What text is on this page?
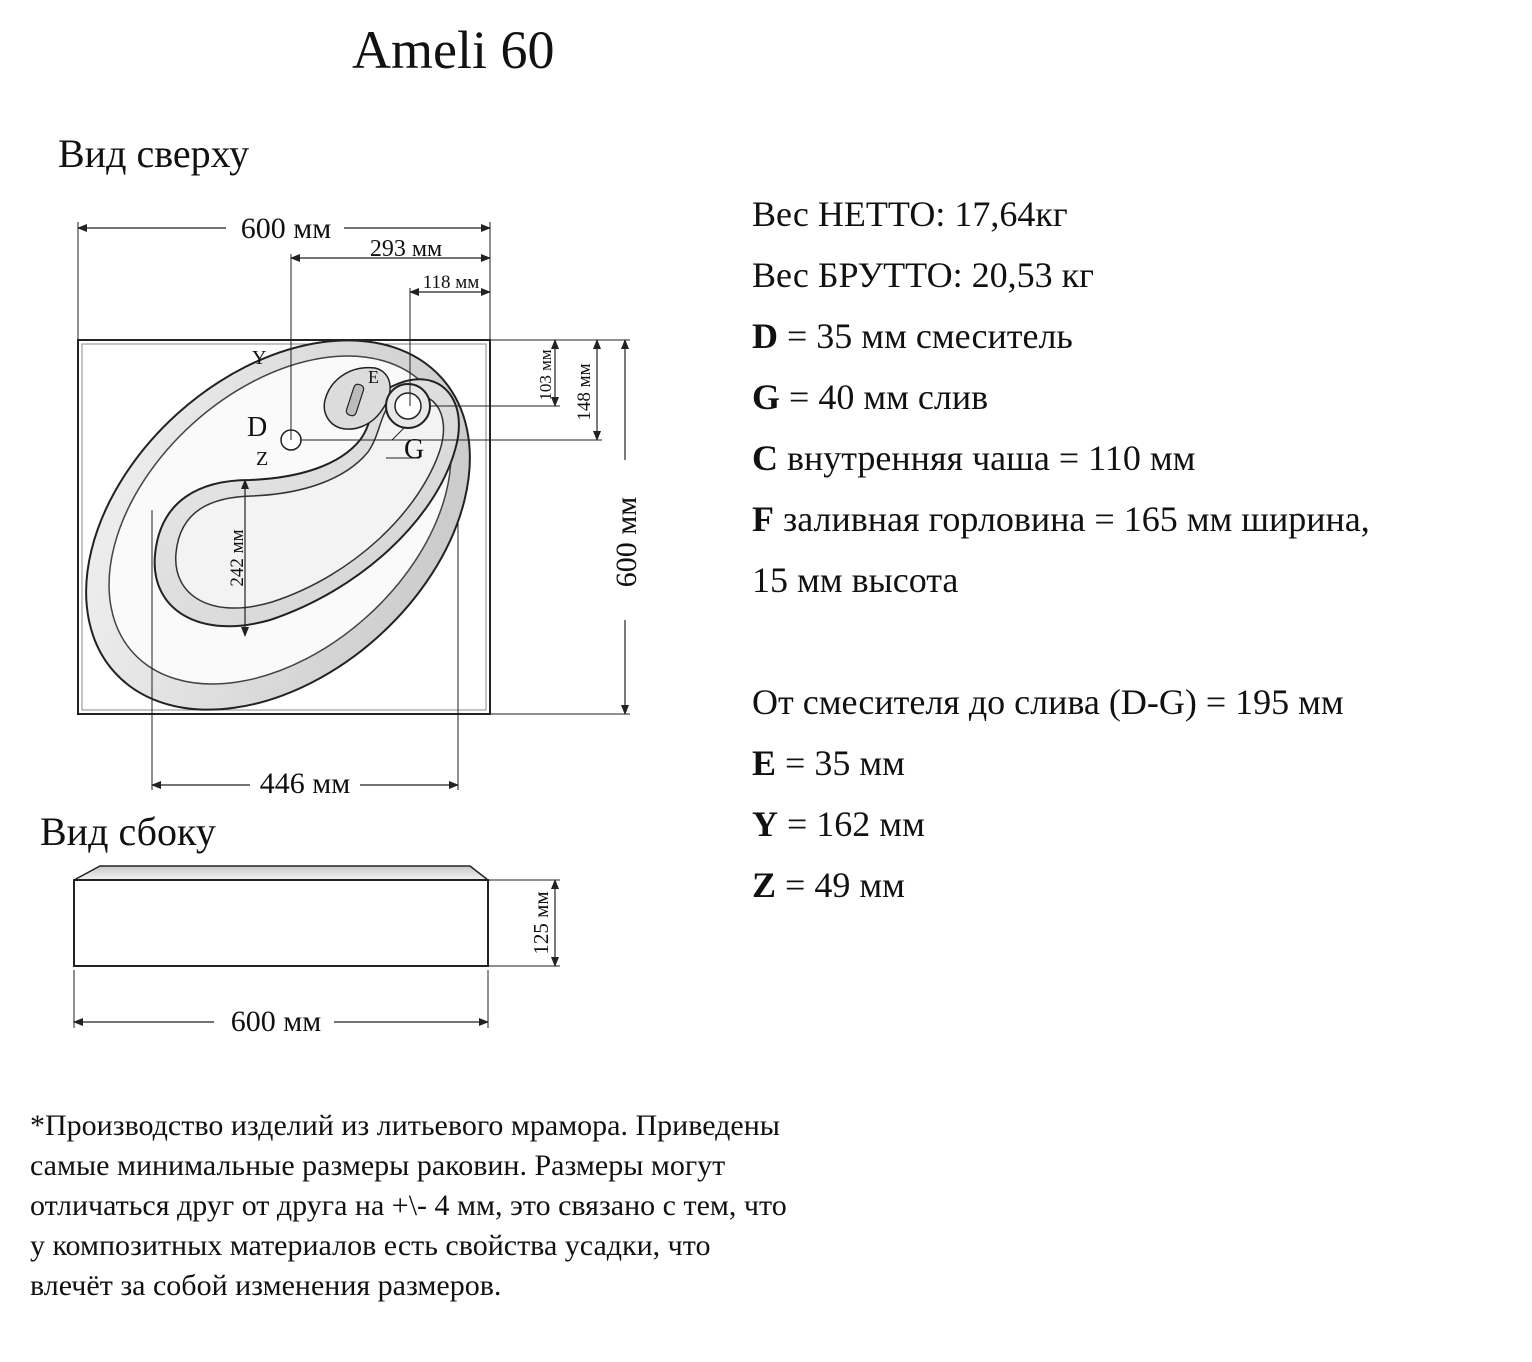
Ameli 60
Вид сверху
Вид сбоку
600 мм
293 мм
118 мм
103 мм 148 мм
600 мм
242 мм
446 мм
Y
D
Z
E
G
125 мм
600 мм
Вес НЕТТО: 17,64кг
Вес БРУТТО: 20,53 кг
D = 35 мм смеситель
G = 40 мм слив
C внутренняя чаша = 110 мм
F заливная горловина = 165 мм ширина,
15 мм высота
От смесителя до слива (D-G) = 195 мм
E = 35 мм
Y = 162 мм
Z = 49 мм
*Производство изделий из литьевого мрамора. Приведены
самые минимальные размеры раковин. Размеры могут
отличаться друг от друга на +\- 4 мм, это связано с тем, что
у композитных материалов есть свойства усадки, что
влечёт за собой изменения размеров.
